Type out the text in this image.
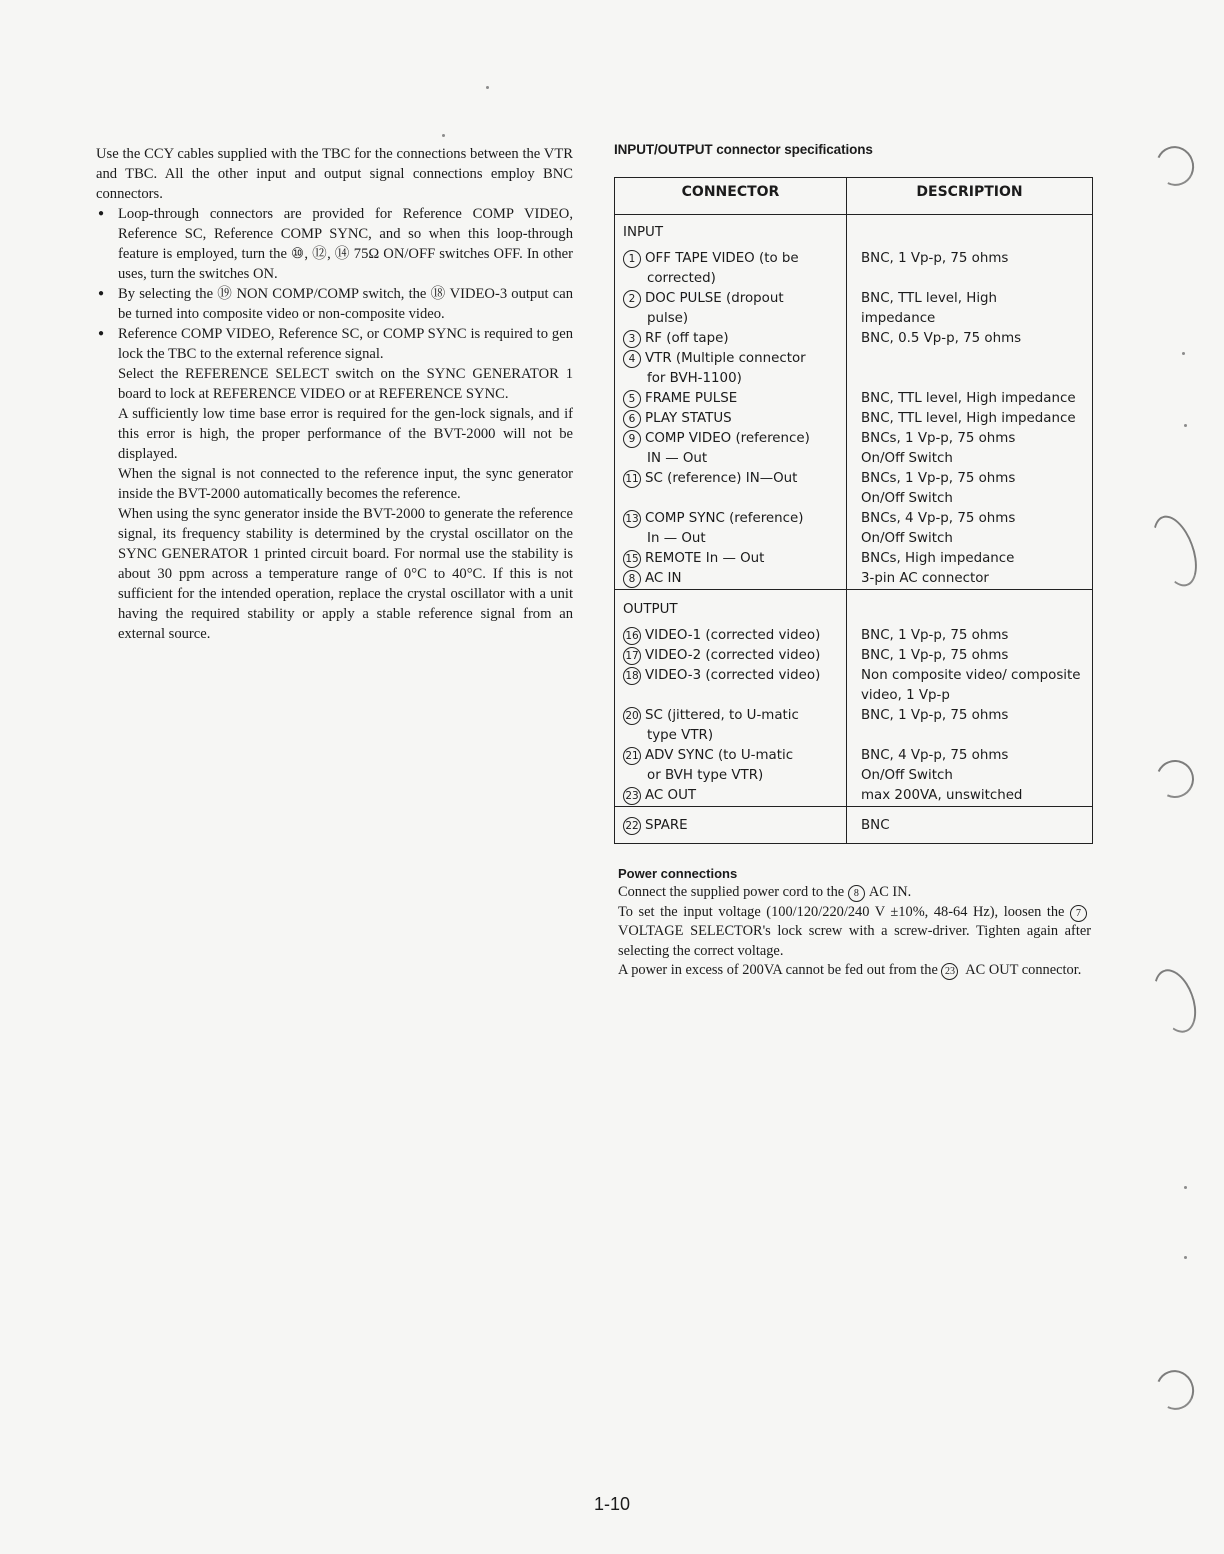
Use the CCY cables supplied with the TBC for the connections between the VTR and TBC. All the other input and output signal connections employ BNC connectors.

● Loop-through connectors are provided for Reference COMP VIDEO, Reference SC, Reference COMP SYNC, and so when this loop-through feature is employed, turn the ⑩, ⑫, ⑭ 75Ω ON/OFF switches OFF. In other uses, turn the switches ON.
● By selecting the ⑲ NON COMP/COMP switch, the ⑱ VIDEO-3 output can be turned into composite video or non-composite video.
● Reference COMP VIDEO, Reference SC, or COMP SYNC is required to gen lock the TBC to the external reference signal.

Select the REFERENCE SELECT switch on the SYNC GENERATOR 1 board to lock at REFERENCE VIDEO or at REFERENCE SYNC.

A sufficiently low time base error is required for the gen-lock signals, and if this error is high, the proper performance of the BVT-2000 will not be displayed.

When the signal is not connected to the reference input, the sync generator inside the BVT-2000 automatically becomes the reference.

When using the sync generator inside the BVT-2000 to generate the reference signal, its frequency stability is determined by the crystal oscillator on the SYNC GENERATOR 1 printed circuit board. For normal use the stability is about 30 ppm across a temperature range of 0°C to 40°C. If this is not sufficient for the intended operation, replace the crystal oscillator with a unit having the required stability or apply a stable reference signal from an external source.

INPUT/OUTPUT connector specifications
CONNECTOR	DESCRIPTION
INPUT	
1 OFF TAPE VIDEO (to be
corrected)	BNC, 1 Vp-p, 75 ohms

2 DOC PULSE (dropout
pulse)	BNC, TTL level, High
impedance

3 RF (off tape)	BNC, 0.5 Vp-p, 75 ohms

4 VTR (Multiple connector
for BVH-1100)	

5 FRAME PULSE	BNC, TTL level, High impedance

6 PLAY STATUS	BNC, TTL level, High impedance

9 COMP VIDEO (reference)
IN — Out	BNCs, 1 Vp-p, 75 ohms
On/Off Switch

11 SC (reference) IN—Out	BNCs, 1 Vp-p, 75 ohms
On/Off Switch

13 COMP SYNC (reference)
In — Out	BNCs, 4 Vp-p, 75 ohms
On/Off Switch

15 REMOTE In — Out	BNCs, High impedance

8 AC IN	3-pin AC connector

OUTPUT	
16 VIDEO-1 (corrected video)	BNC, 1 Vp-p, 75 ohms

17 VIDEO-2 (corrected video)	BNC, 1 Vp-p, 75 ohms

18 VIDEO-3 (corrected video)	Non composite video/ composite
video, 1 Vp-p

20 SC (jittered, to U-matic
type VTR)	BNC, 1 Vp-p, 75 ohms

21 ADV SYNC (to U-matic
or BVH type VTR)	BNC, 4 Vp-p, 75 ohms
On/Off Switch

23 AC OUT	max 200VA, unswitched

22 SPARE	BNC
Power connections

Connect the supplied power cord to the 8 AC IN.

To set the input voltage (100/120/220/240 V ±10%, 48-64 Hz), loosen the 7 VOLTAGE SELECTOR's lock screw with a screw-driver. Tighten again after selecting the correct voltage.

A power in excess of 200VA cannot be fed out from the 23 AC OUT connector.

1-10
